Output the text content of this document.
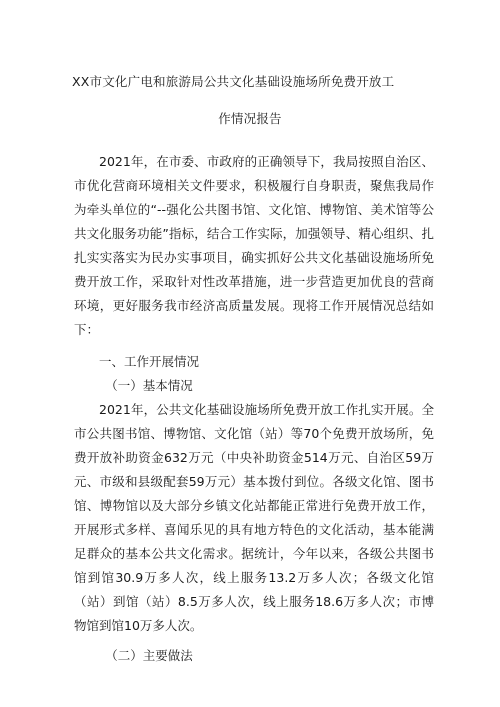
XX市文化广电和旅游局公共文化基础设施场所免费开放工
作情况报告

2021年，在市委、市政府的正确领导下，我局按照自治区、市优化营商环境相关文件要求，积极履行自身职责，聚焦我局作为牵头单位的“--强化公共图书馆、文化馆、博物馆、美术馆等公共文化服务功能”指标，结合工作实际，加强领导、精心组织、扎扎实实落实为民办实事项目，确实抓好公共文化基础设施场所免费开放工作，采取针对性改革措施，进一步营造更加优良的营商环境，更好服务我市经济高质量发展。现将工作开展情况总结如下：

一、工作开展情况

（一）基本情况

2021年，公共文化基础设施场所免费开放工作扎实开展。全市公共图书馆、博物馆、文化馆（站）等70个免费开放场所，免费开放补助资金632万元（中央补助资金514万元、自治区59万元、市级和县级配套59万元）基本拨付到位。各级文化馆、图书馆、博物馆以及大部分乡镇文化站都能正常进行免费开放工作，开展形式多样、喜闻乐见的具有地方特色的文化活动，基本能满足群众的基本公共文化需求。据统计，今年以来，各级公共图书馆到馆30.9万多人次，线上服务13.2万多人次；各级文化馆（站）到馆（站）8.5万多人次，线上服务18.6万多人次；市博物馆到馆10万多人次。

（二）主要做法
